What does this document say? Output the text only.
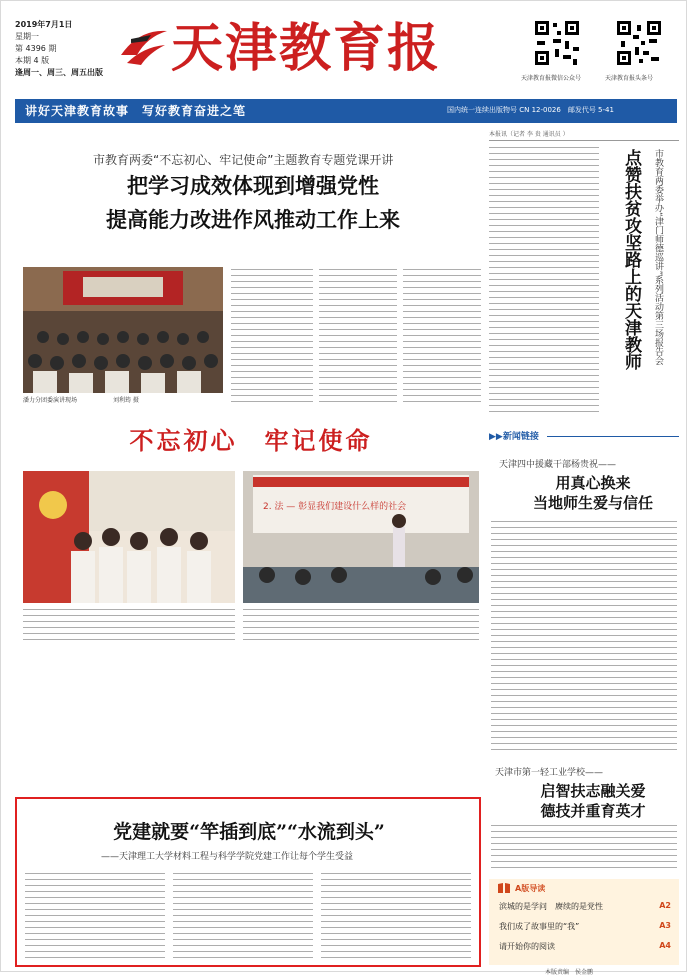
2019年7月1日
星期一
第 4396 期
本期 4 版
逢周一、周三、周五出版 天津教育报	天津教育报微信公众号	天津教育报头条号
讲好天津教育故事　写好教育奋进之笔	国内统一连续出版物号 CN 12-0026　邮发代号 5-41
市教育两委“不忘初心、牢记使命”主题教育专题党课开讲
把学习成效体现到增强党性
提高能力改进作风推动工作上来
潘力分团委演讲现场　　　　　　刘利筠 摄
不忘初心　牢记使命
2. 法 — 彰显我们建设什么样的社会
党建就要“竿插到底”“水流到头”
——天津理工大学材料工程与科学学院党建工作让每个学生受益
本报讯（记者 李 贵 通讯员 ）
点赞扶贫攻坚路上的天津教师	市教育两委举办“津门师德巡讲”系列活动第三场报告会
▶▶新闻链接
天津四中援藏干部杨贵祝——
用真心换来
当地师生爱与信任
天津市第一轻工业学校——
启智扶志融关爱
德技并重育英才
A版导读
滨城的是学问　赓续的是党性	A2
我们成了故事里的“我”	A3
请开始你的阅读	A4
本版责编　侯金鹏
